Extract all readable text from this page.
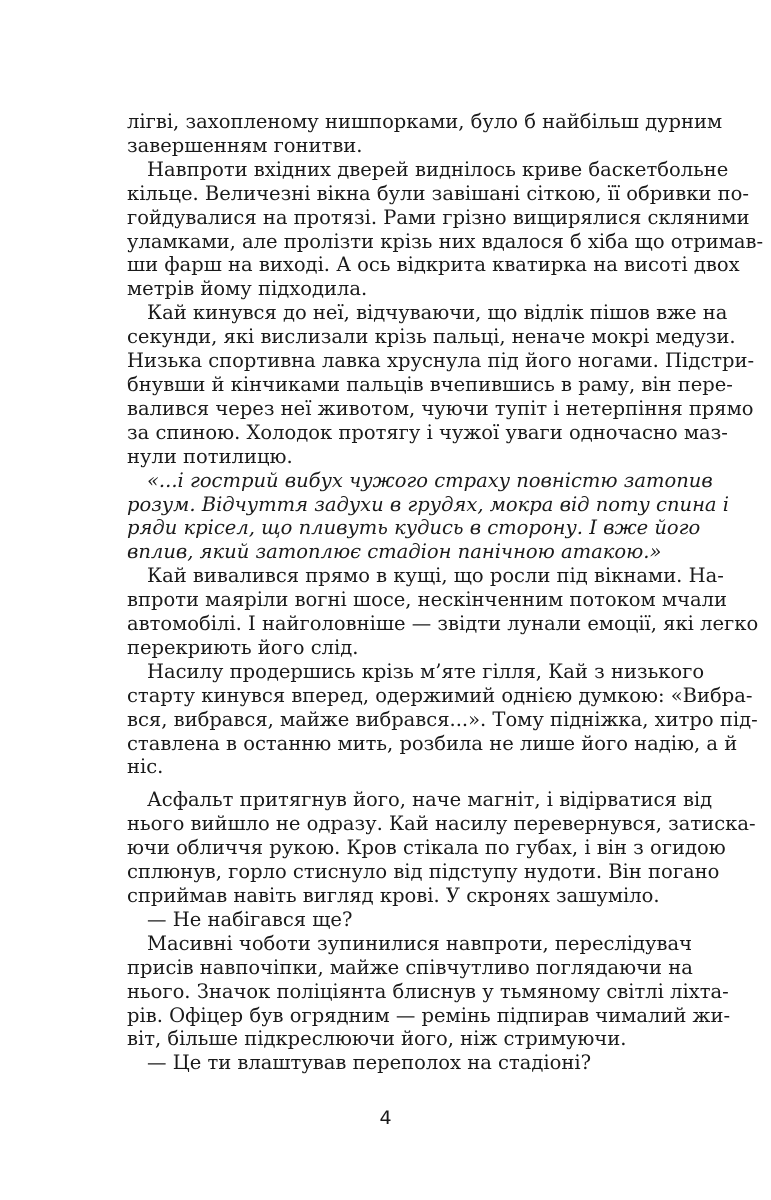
лігві, захопленому нишпорками, було б найбільш дурним
завершенням гонитви.
Навпроти вхідних дверей виднілось криве баскетбольне
кільце. Величезні вікна були завішані сіткою, її обривки по-
гойдувалися на протязі. Рами грізно вищирялися скляними
уламками, але пролізти крізь них вдалося б хіба що отримав-
ши фарш на виході. А ось відкрита кватирка на висоті двох
метрів йому підходила.
Кай кинувся до неї, відчуваючи, що відлік пішов вже на
секунди, які вислизали крізь пальці, неначе мокрі медузи.
Низька спортивна лавка хруснула під його ногами. Підстри-
бнувши й кінчиками пальців вчепившись в раму, він пере-
валився через неї животом, чуючи тупіт і нетерпіння прямо
за спиною. Холодок протягу і чужої уваги одночасно маз-
нули потилицю.
«...і гострий вибух чужого страху повністю затопив
розум. Відчуття задухи в грудях, мокра від поту спина і
ряди крісел, що пливуть кудись в сторону. І вже його
вплив, який затоплює стадіон панічною атакою.»
Кай вивалився прямо в кущі, що росли під вікнами. На-
впроти маяріли вогні шосе, нескінченним потоком мчали
автомобілі. І найголовніше — звідти лунали емоції, які легко
перекриють його слід.
Насилу продершись крізь м’яте гілля, Кай з низького
старту кинувся вперед, одержимий однією думкою: «Вибра-
вся, вибрався, майже вибрався...». Тому підніжка, хитро під-
ставлена в останню мить, розбила не лише його надію, а й
ніс.
Асфальт притягнув його, наче магніт, і відірватися від
нього вийшло не одразу. Кай насилу перевернувся, затиска-
ючи обличчя рукою. Кров стікала по губах, і він з огидою
сплюнув, горло стиснуло від підступу нудоти. Він погано
сприймав навіть вигляд крові. У скронях зашуміло.
— Не набігався ще?
Масивні чоботи зупинилися навпроти, переслідувач
присів навпочіпки, майже співчутливо поглядаючи на
нього. Значок поліціянта блиснув у тьмяному світлі ліхта-
рів. Офіцер був огрядним — ремінь підпирав чималий жи-
віт, більше підкреслюючи його, ніж стримуючи.
— Це ти влаштував переполох на стадіоні?
4
